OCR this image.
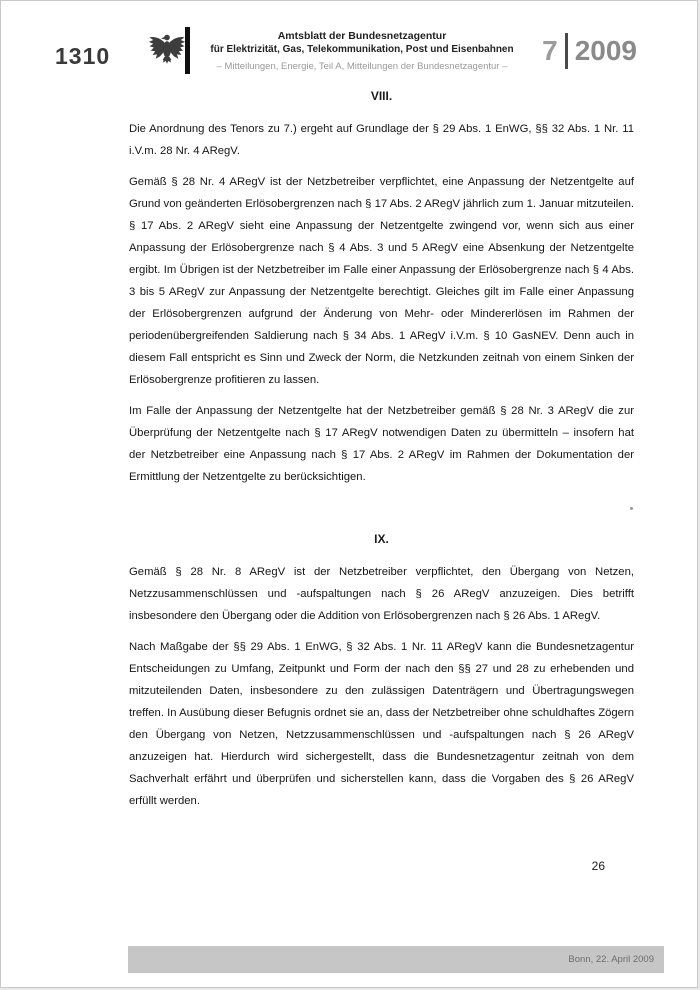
1310
Amtsblatt der Bundesnetzagentur
für Elektrizität, Gas, Telekommunikation, Post und Eisenbahnen
– Mitteilungen, Energie, Teil A, Mitteilungen der Bundesnetzagentur –
7 2009
VIII.

Die Anordnung des Tenors zu 7.) ergeht auf Grundlage der § 29 Abs. 1 EnWG, §§ 32 Abs. 1 Nr. 11 i.V.m. 28 Nr. 4 ARegV.

Gemäß § 28 Nr. 4 ARegV ist der Netzbetreiber verpflichtet, eine Anpassung der Netzentgelte auf Grund von geänderten Erlösobergrenzen nach § 17 Abs. 2 ARegV jährlich zum 1. Januar mitzuteilen. § 17 Abs. 2 ARegV sieht eine Anpassung der Netzentgelte zwingend vor, wenn sich aus einer Anpassung der Erlösobergrenze nach § 4 Abs. 3 und 5 ARegV eine Absenkung der Netzentgelte ergibt. Im Übrigen ist der Netzbetreiber im Falle einer Anpassung der Erlösobergrenze nach § 4 Abs. 3 bis 5 ARegV zur Anpassung der Netzentgelte berechtigt. Gleiches gilt im Falle einer Anpassung der Erlösobergrenzen aufgrund der Änderung von Mehr- oder Mindererlösen im Rahmen der periodenübergreifenden Saldierung nach § 34 Abs. 1 ARegV i.V.m. § 10 GasNEV. Denn auch in diesem Fall entspricht es Sinn und Zweck der Norm, die Netzkunden zeitnah von einem Sinken der Erlösobergrenze profitieren zu lassen.

Im Falle der Anpassung der Netzentgelte hat der Netzbetreiber gemäß § 28 Nr. 3 ARegV die zur Überprüfung der Netzentgelte nach § 17 ARegV notwendigen Daten zu übermitteln – insofern hat der Netzbetreiber eine Anpassung nach § 17 Abs. 2 ARegV im Rahmen der Dokumentation der Ermittlung der Netzentgelte zu berücksichtigen.

IX.

Gemäß § 28 Nr. 8 ARegV ist der Netzbetreiber verpflichtet, den Übergang von Netzen, Netzzusammenschlüssen und -aufspaltungen nach § 26 ARegV anzuzeigen. Dies betrifft insbesondere den Übergang oder die Addition von Erlösobergrenzen nach § 26 Abs. 1 ARegV.

Nach Maßgabe der §§ 29 Abs. 1 EnWG, § 32 Abs. 1 Nr. 11 ARegV kann die Bundesnetzagentur Entscheidungen zu Umfang, Zeitpunkt und Form der nach den §§ 27 und 28 zu erhebenden und mitzuteilenden Daten, insbesondere zu den zulässigen Datenträgern und Übertragungswegen treffen. In Ausübung dieser Befugnis ordnet sie an, dass der Netzbetreiber ohne schuldhaftes Zögern den Übergang von Netzen, Netzzusammenschlüssen und -aufspaltungen nach § 26 ARegV anzuzeigen hat. Hierdurch wird sichergestellt, dass die Bundesnetzagentur zeitnah von dem Sachverhalt erfährt und überprüfen und sicherstellen kann, dass die Vorgaben des § 26 ARegV erfüllt werden.

26
Bonn, 22. April 2009
